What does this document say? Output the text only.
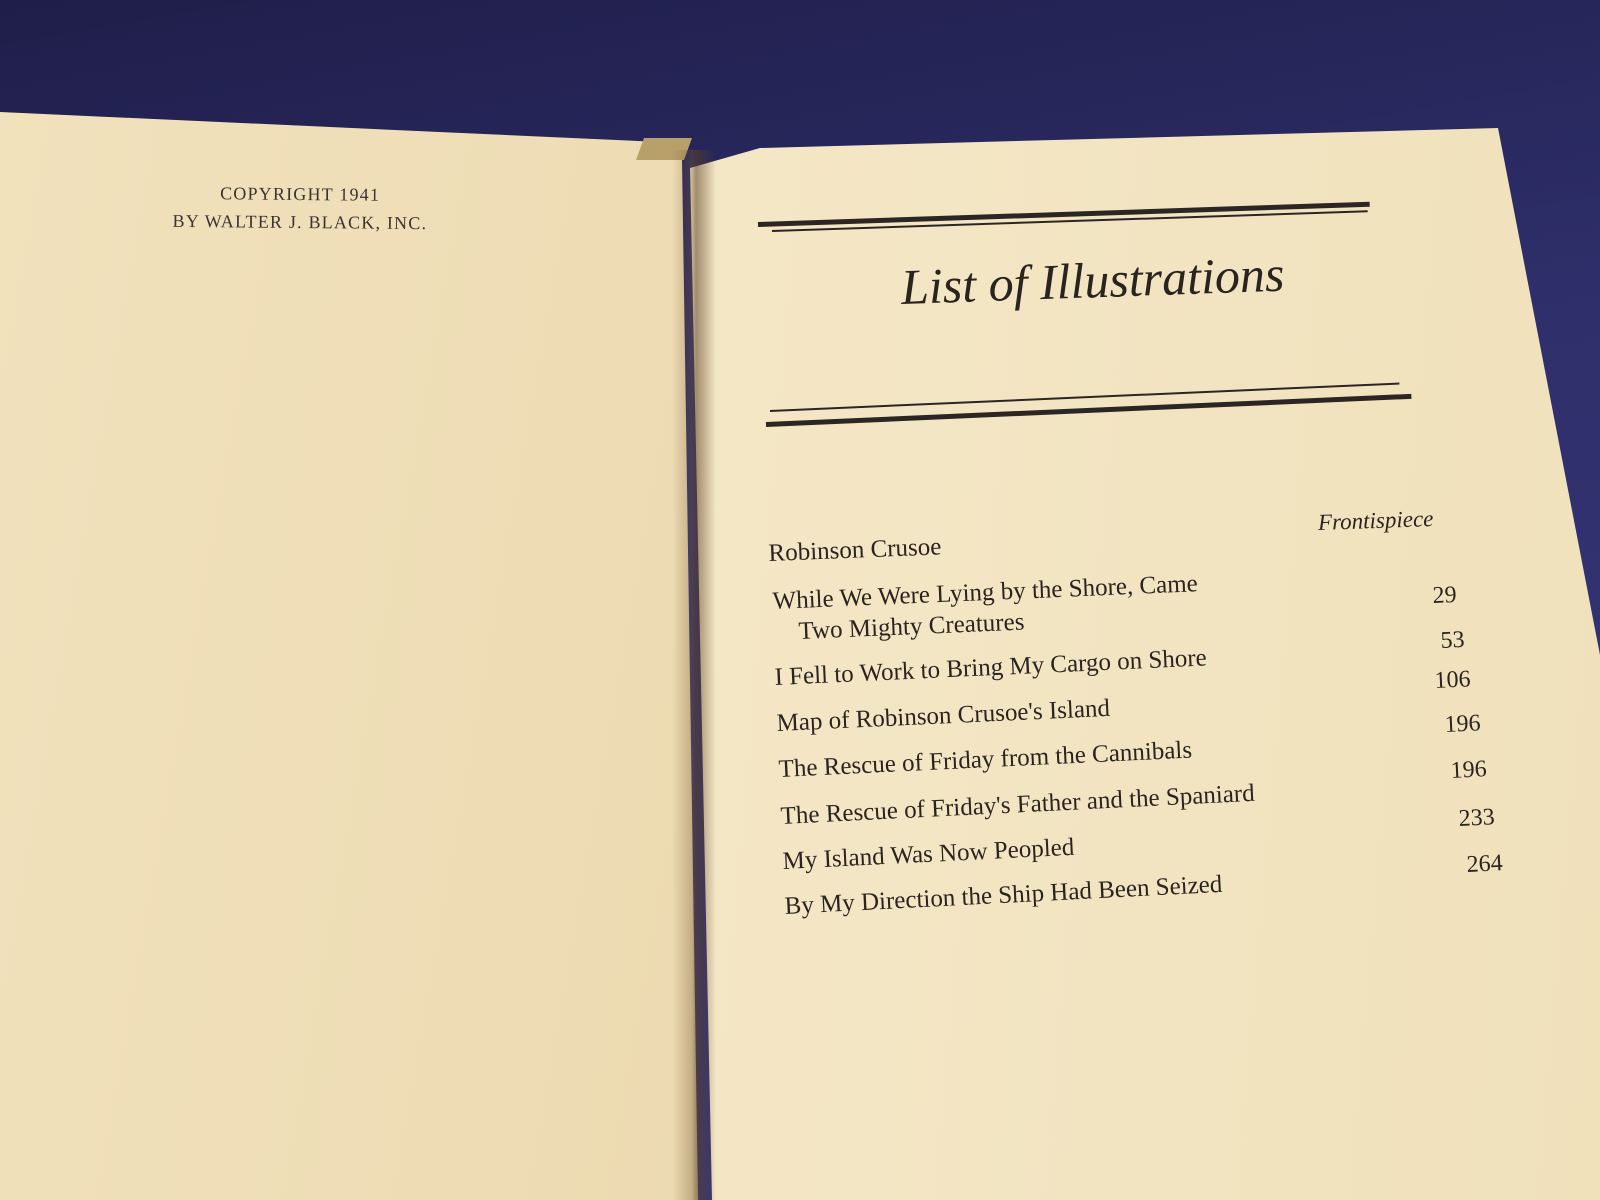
COPYRIGHT 1941
BY WALTER J. BLACK, INC.
List of Illustrations
Frontispiece
Robinson Crusoe
While We Were Lying by the Shore, Came
Two Mighty Creatures
29
I Fell to Work to Bring My Cargo on Shore
53
Map of Robinson Crusoe's Island
106
The Rescue of Friday from the Cannibals
196
The Rescue of Friday's Father and the Spaniard
196
My Island Was Now Peopled
233
By My Direction the Ship Had Been Seized
264
